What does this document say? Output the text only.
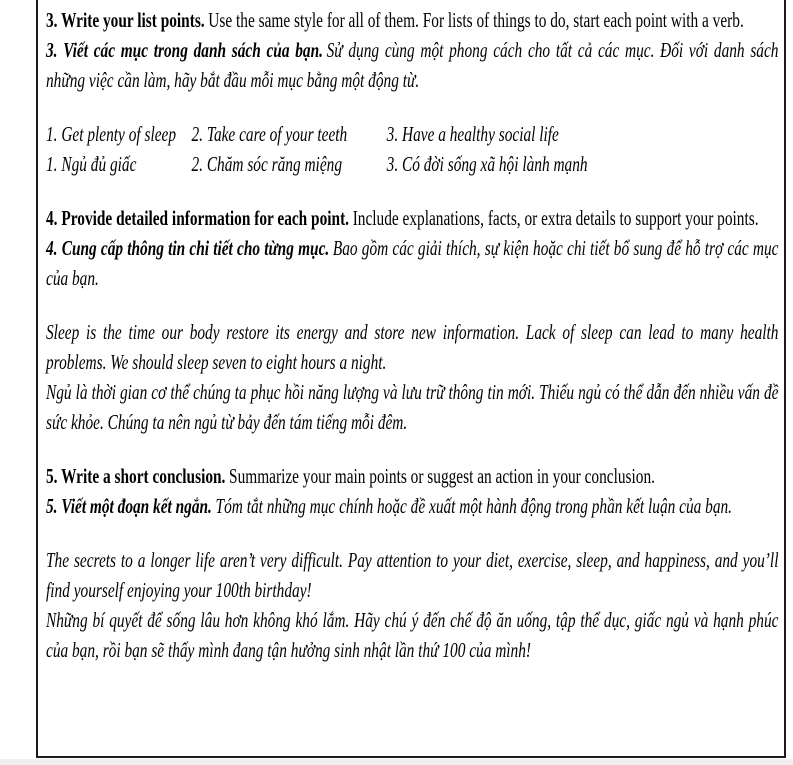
3. Write your list points. Use the same style for all of them. For lists of things to do, start each point with a verb.

3. Viết các mục trong danh sách của bạn. Sử dụng cùng một phong cách cho tất cả các mục. Đối với danh sách những việc cần làm, hãy bắt đầu mỗi mục bằng một động từ.

1. Get plenty of sleep 2. Take care of your teeth 3. Have a healthy social life
1. Ngủ đủ giấc	2. Chăm sóc răng miệng 3. Có đời sống xã hội lành mạnh

4. Provide detailed information for each point. Include explanations, facts, or extra details to support your points.

4. Cung cấp thông tin chi tiết cho từng mục. Bao gồm các giải thích, sự kiện hoặc chi tiết bổ sung để hỗ trợ các mục của bạn.

Sleep is the time our body restore its energy and store new information. Lack of sleep can lead to many health problems. We should sleep seven to eight hours a night.

Ngủ là thời gian cơ thể chúng ta phục hồi năng lượng và lưu trữ thông tin mới. Thiếu ngủ có thể dẫn đến nhiều vấn đề sức khỏe. Chúng ta nên ngủ từ bảy đến tám tiếng mỗi đêm.

5. Write a short conclusion. Summarize your main points or suggest an action in your conclusion.

5. Viết một đoạn kết ngắn. Tóm tắt những mục chính hoặc đề xuất một hành động trong phần kết luận của bạn.

The secrets to a longer life aren’t very difficult. Pay attention to your diet, exercise, sleep, and happiness, and you’ll find yourself enjoying your 100th birthday!

Những bí quyết để sống lâu hơn không khó lắm. Hãy chú ý đến chế độ ăn uống, tập thể dục, giấc ngủ và hạnh phúc của bạn, rồi bạn sẽ thấy mình đang tận hưởng sinh nhật lần thứ 100 của mình!
